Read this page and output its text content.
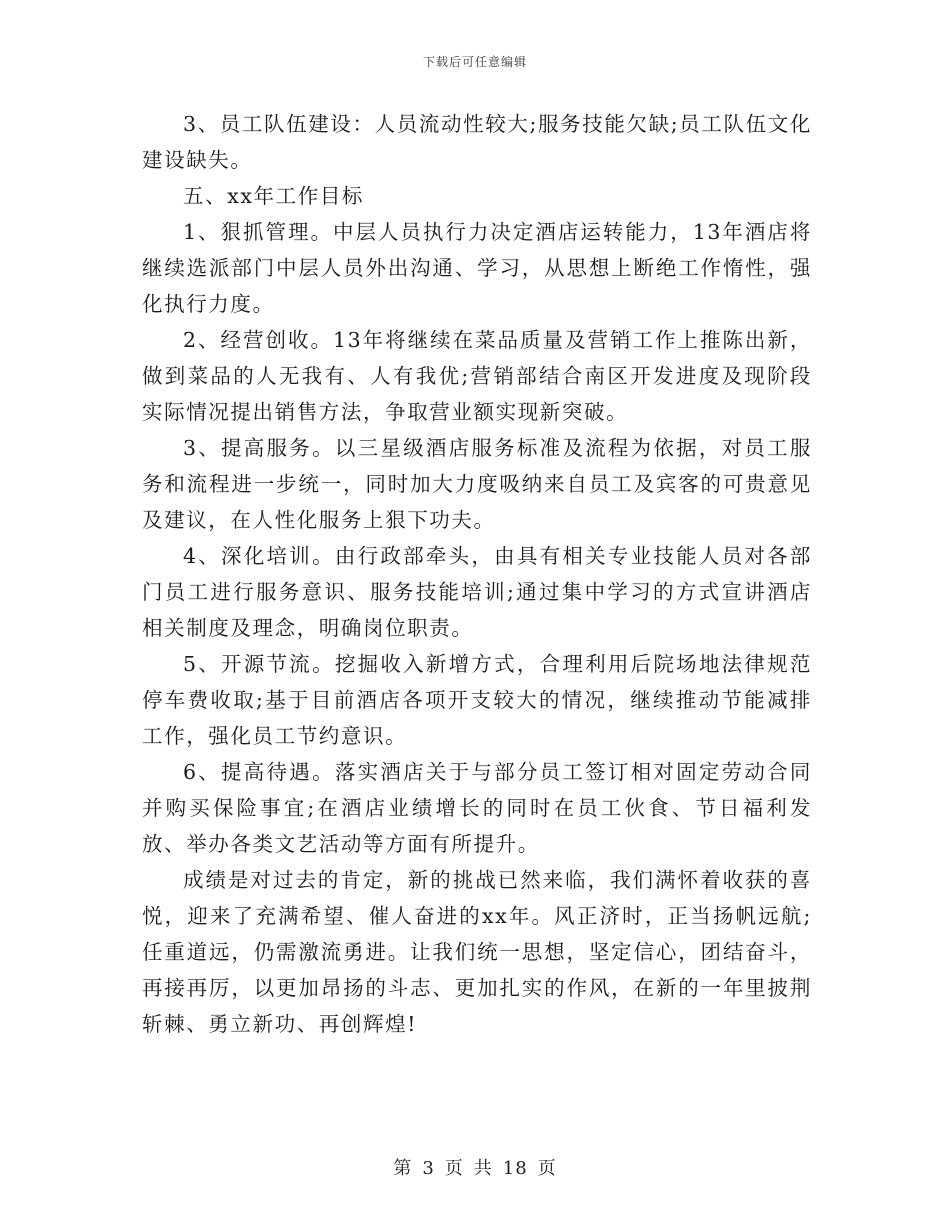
下载后可任意编辑

3、员工队伍建设：人员流动性较大;服务技能欠缺;员工队伍文化建设缺失。

五、xx年工作目标

1、狠抓管理。中层人员执行力决定酒店运转能力，13年酒店将继续选派部门中层人员外出沟通、学习，从思想上断绝工作惰性，强化执行力度。

2、经营创收。13年将继续在菜品质量及营销工作上推陈出新，做到菜品的人无我有、人有我优;营销部结合南区开发进度及现阶段实际情况提出销售方法，争取营业额实现新突破。

3、提高服务。以三星级酒店服务标准及流程为依据，对员工服务和流程进一步统一，同时加大力度吸纳来自员工及宾客的可贵意见及建议，在人性化服务上狠下功夫。

4、深化培训。由行政部牵头，由具有相关专业技能人员对各部门员工进行服务意识、服务技能培训;通过集中学习的方式宣讲酒店相关制度及理念，明确岗位职责。

5、开源节流。挖掘收入新增方式，合理利用后院场地法律规范停车费收取;基于目前酒店各项开支较大的情况，继续推动节能减排工作，强化员工节约意识。

6、提高待遇。落实酒店关于与部分员工签订相对固定劳动合同并购买保险事宜;在酒店业绩增长的同时在员工伙食、节日福利发放、举办各类文艺活动等方面有所提升。

成绩是对过去的肯定，新的挑战已然来临，我们满怀着收获的喜悦，迎来了充满希望、催人奋进的xx年。风正济时，正当扬帆远航;任重道远，仍需激流勇进。让我们统一思想，坚定信心，团结奋斗，再接再厉，以更加昂扬的斗志、更加扎实的作风，在新的一年里披荆斩棘、勇立新功、再创辉煌!

第 3 页 共 18 页
